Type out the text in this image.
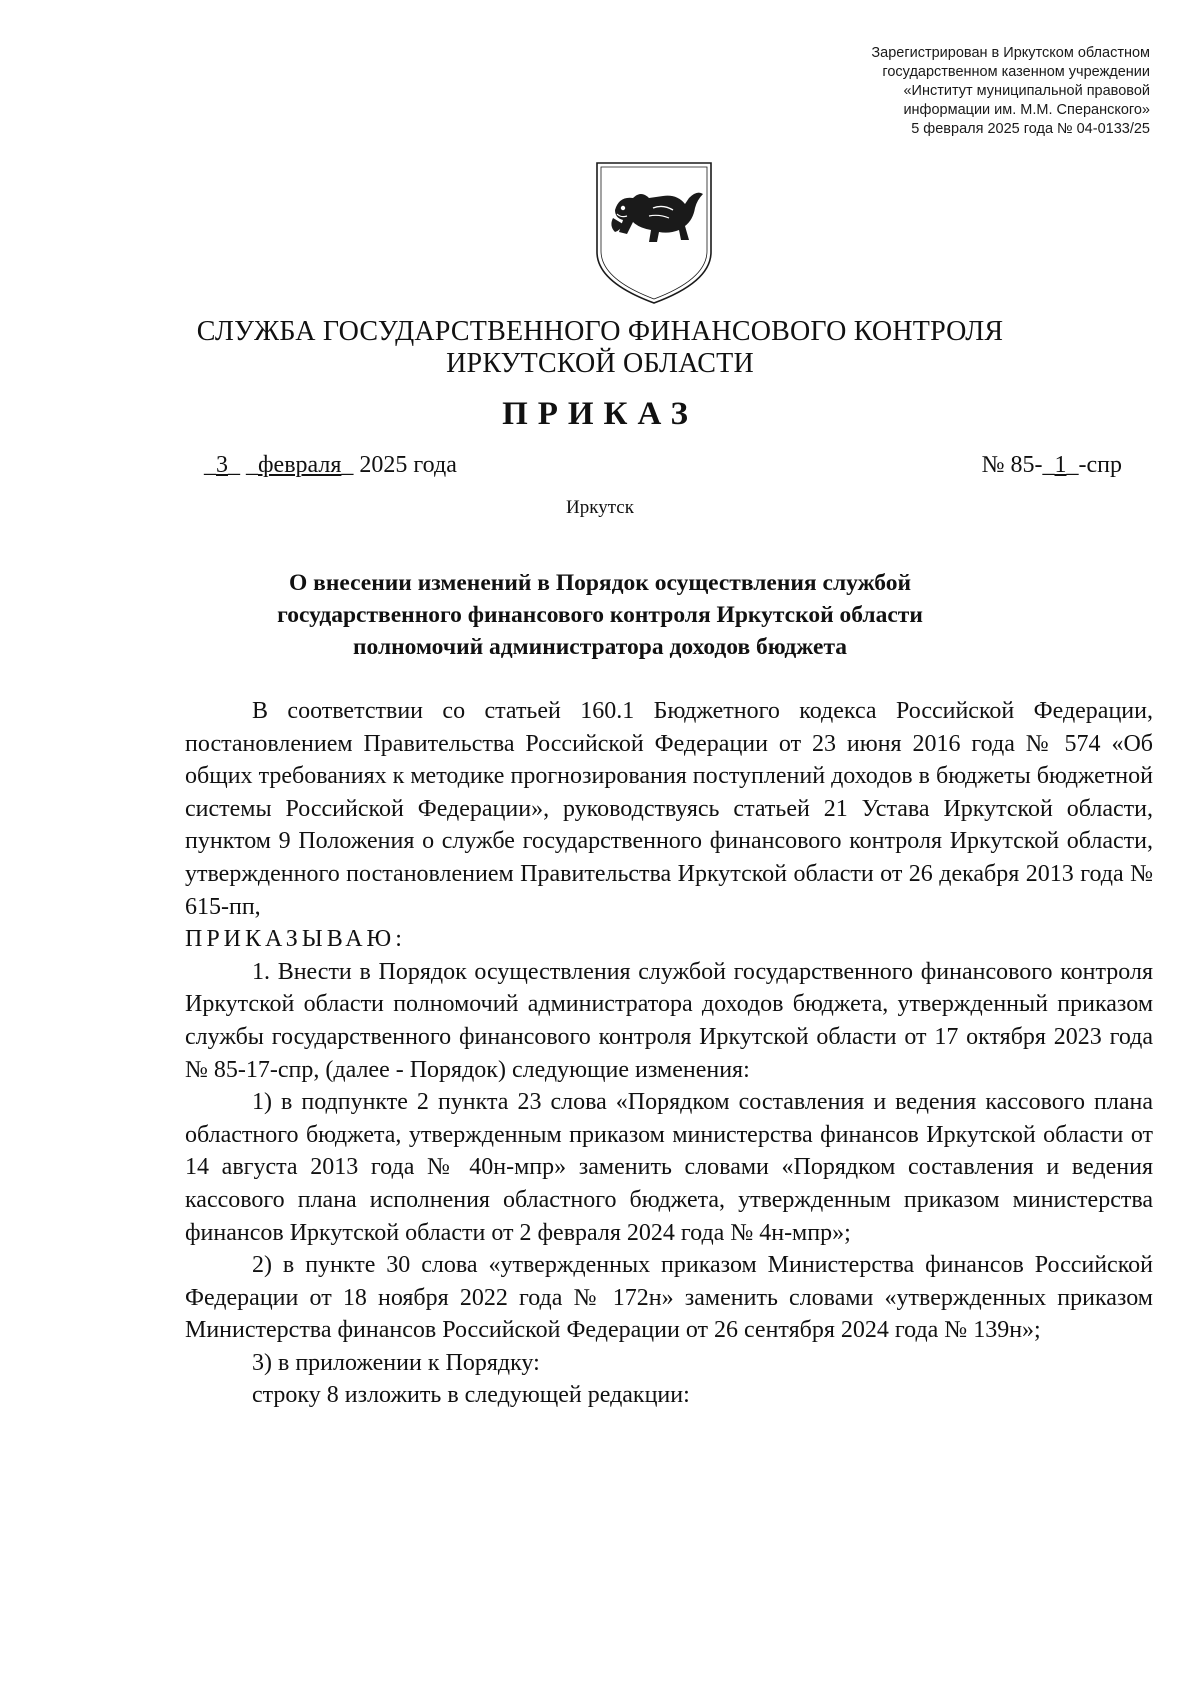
Зарегистрирован в Иркутском областном
государственном казенном учреждении
«Институт муниципальной правовой
информации им. М.М. Сперанского»
5 февраля 2025 года № 04-0133/25
СЛУЖБА ГОСУДАРСТВЕННОГО ФИНАНСОВОГО КОНТРОЛЯ
ИРКУТСКОЙ ОБЛАСТИ
ПРИКАЗ
_3_ _февраля_ 2025 года	№ 85-_1_-спр
Иркутск
О внесении изменений в Порядок осуществления службой
государственного финансового контроля Иркутской области
полномочий администратора доходов бюджета

В соответствии со статьей 160.1 Бюджетного кодекса Российской Федерации, постановлением Правительства Российской Федерации от 23 июня 2016 года № 574 «Об общих требованиях к методике прогнозирования поступлений доходов в бюджеты бюджетной системы Российской Федерации», руководствуясь статьей 21 Устава Иркутской области, пунктом 9 Положения о службе государственного финансового контроля Иркутской области, утвержденного постановлением Правительства Иркутской области от 26 декабря 2013 года № 615-пп,

ПРИКАЗЫВАЮ:

1. Внести в Порядок осуществления службой государственного финансового контроля Иркутской области полномочий администратора доходов бюджета, утвержденный приказом службы государственного финансового контроля Иркутской области от 17 октября 2023 года № 85-17-спр, (далее - Порядок) следующие изменения:

1) в подпункте 2 пункта 23 слова «Порядком составления и ведения кассового плана областного бюджета, утвержденным приказом министерства финансов Иркутской области от 14 августа 2013 года № 40н-мпр» заменить словами «Порядком составления и ведения кассового плана исполнения областного бюджета, утвержденным приказом министерства финансов Иркутской области от 2 февраля 2024 года № 4н-мпр»;

2) в пункте 30 слова «утвержденных приказом Министерства финансов Российской Федерации от 18 ноября 2022 года № 172н» заменить словами «утвержденных приказом Министерства финансов Российской Федерации от 26 сентября 2024 года № 139н»;

3) в приложении к Порядку:

строку 8 изложить в следующей редакции:
